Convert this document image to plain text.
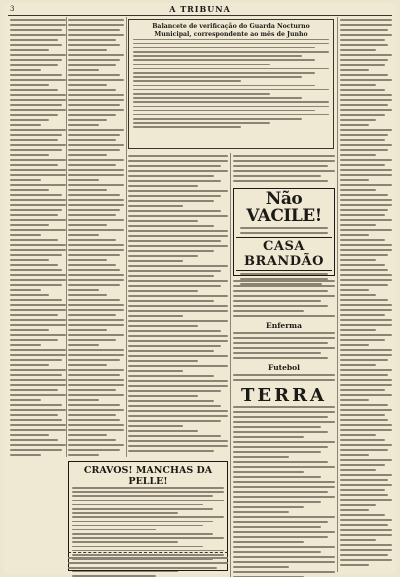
3	A TRIBUNA
Balancete de verificação do Guarda Nocturno Municipal, correspondente ao mês de Junho
Não VACILE!
CASA BRANDÃO
Enferma
Futebol
TERRA
CRAVOS! MANCHAS DA PELLE!
